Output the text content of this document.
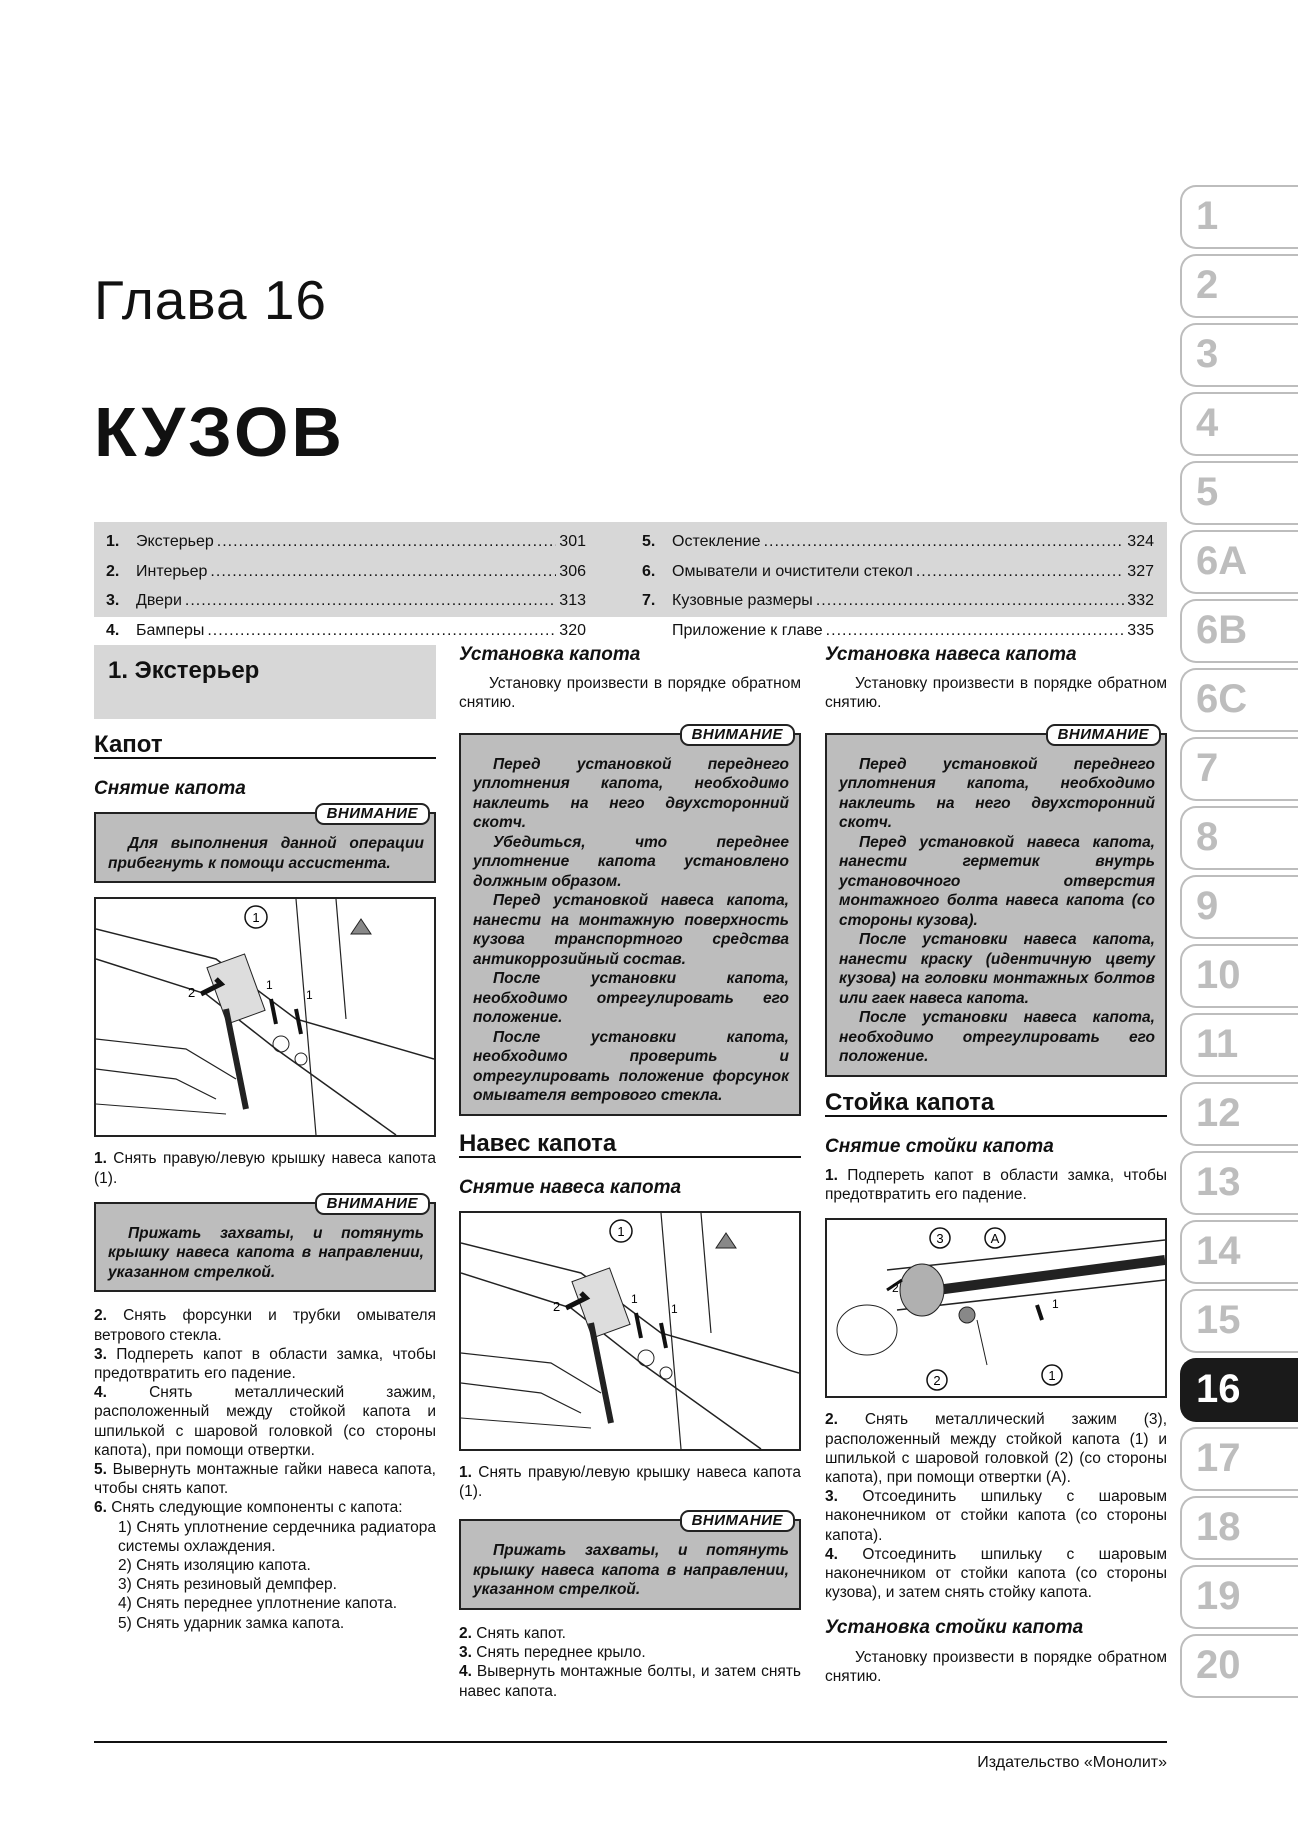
Глава 16
КУЗОВ
1.	Экстерьер .....	301
2.	Интерьер .....	306
3.	Двери .....	313
4.	Бамперы .....	320
5.	Остекление .....	324
6.	Омыватели и очистители стекол .....	327
7.	Кузовные размеры .....	332
Приложение к главе .....	335
1
2
3
4
5
6A
6B
6C
7
8
9
10
11
12
13
14
15
16
17
18
19
20
1. Экстерьер
Капот
Снятие капота
ВНИМАНИЕ

Для выполнения данной операции прибегнуть к помощи ассистента.

1
2	1
1

1. Снять правую/левую крышку навеса капота (1).

ВНИМАНИЕ

Прижать захваты, и потянуть крышку навеса капота в направлении, указанном стрелкой.

2. Снять форсунки и трубки омывателя ветрового стекла.

3. Подпереть капот в области замка, чтобы предотвратить его падение.

4.	Снять металлический зажим, расположенный между стойкой капота и шпилькой с шаровой головкой (со стороны капота), при помощи отвертки.

5. Вывернуть монтажные гайки навеса капота, чтобы снять капот.

6. Снять следующие компоненты с капота:

1) Снять уплотнение сердечника радиатора системы охлаждения.

2) Снять изоляцию капота.

3) Снять резиновый демпфер.

4) Снять переднее уплотнение капота.

5) Снять ударник замка капота.

Установка капота

Установку произвести в порядке обратном снятию.

ВНИМАНИЕ

Перед установкой переднего уплотнения капота, необходимо наклеить на него двухсторонний скотч.

Убедиться, что переднее уплотнение капота установлено должным образом.

Перед установкой навеса капота, нанести на монтажную поверхность кузова транспортного средства антикоррозийный состав.

После установки капота, необходимо отрегулировать его положение.

После установки капота, необходимо проверить и отрегулировать положение форсунок омывателя ветрового стекла.

Навес капота
Снятие навеса капота
1
2	1
1

1. Снять правую/левую крышку навеса капота (1).

ВНИМАНИЕ

Прижать захваты, и потянуть крышку навеса капота в направлении, указанном стрелкой.

2. Снять капот.

3. Снять переднее крыло.

4. Вывернуть монтажные болты, и затем снять навес капота.

Установка навеса капота

Установку произвести в порядке обратном снятию.

ВНИМАНИЕ

Перед установкой переднего уплотнения капота, необходимо наклеить на него двухсторонний скотч.

Перед установкой навеса капота, нанести герметик внутрь установочного отверстия монтажного болта навеса капота (со стороны кузова).

После установки навеса капота, нанести краску (идентичную цвету кузова) на головки монтажных болтов или гаек навеса капота.

После установки навеса капота, необходимо отрегулировать его положение.

Стойка капота
Снятие стойки капота

1. Подпереть капот в области замка, чтобы предотвратить его падение.

3	A
2
1
2	1

2. Снять металлический зажим (3), расположенный между стойкой капота (1) и шпилькой с шаровой головкой (2) (со стороны капота), при помощи отвертки (А).

3. Отсоединить шпильку с шаровым наконечником от стойки капота (со стороны капота).

4. Отсоединить шпильку с шаровым наконечником от стойки капота (со стороны кузова), и затем снять стойку капота.

Установка стойки капота

Установку произвести в порядке обратном снятию.

Издательство «Монолит»
